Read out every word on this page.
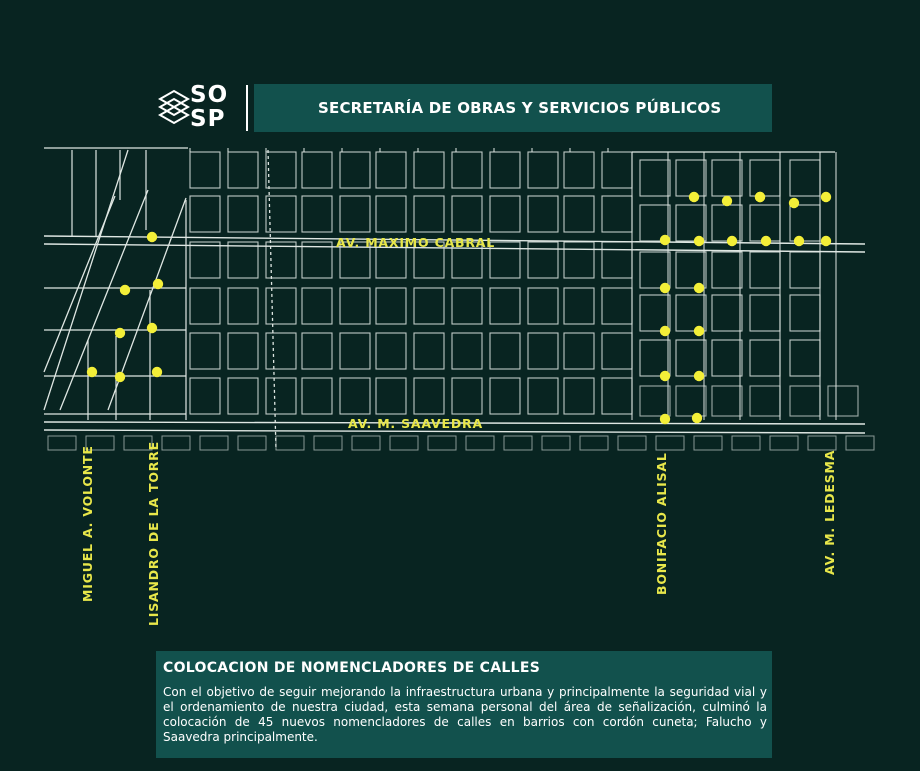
SO
SP	SECRETARÍA DE OBRAS Y SERVICIOS PÚBLICOS
AV. MAXIMO CABRAL
AV. M. SAAVEDRA
MIGUEL A. VOLONTE	LISANDRO DE LA TORRE	BONIFACIO ALISAL	AV. M. LEDESMA
COLOCACION DE NOMENCLADORES DE CALLES
Con el objetivo de seguir mejorando la infraestructura urbana y principalmente la seguridad vial y el ordenamiento de nuestra ciudad, esta semana personal del área de señalización, culminó la colocación de 45 nuevos nomencladores de calles en barrios con cordón cuneta; Falucho y Saavedra principalmente.
